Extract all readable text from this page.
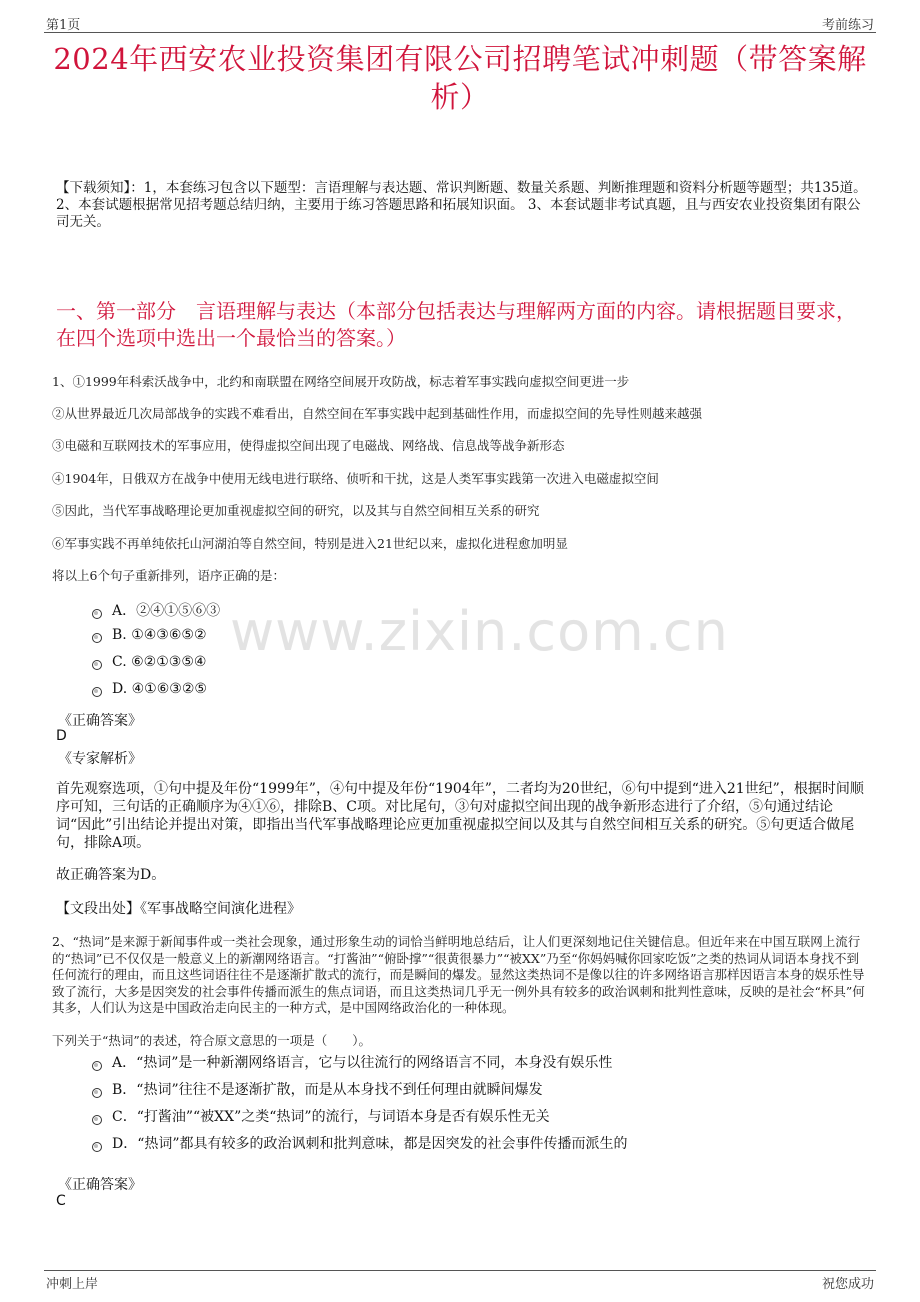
第1页	考前练习
2024年西安农业投资集团有限公司招聘笔试冲刺题（带答案解析）
【下载须知】：1，本套练习包含以下题型：言语理解与表达题、常识判断题、数量关系题、判断推理题和资料分析题等题型；共135道。 2、本套试题根据常见招考题总结归纳，主要用于练习答题思路和拓展知识面。 3、本套试题非考试真题，且与西安农业投资集团有限公司无关。
一、第一部分　言语理解与表达（本部分包括表达与理解两方面的内容。请根据题目要求，在四个选项中选出一个最恰当的答案。）
www.zixin.com.cn
1、①1999年科索沃战争中，北约和南联盟在网络空间展开攻防战，标志着军事实践向虚拟空间更进一步
②从世界最近几次局部战争的实践不难看出，自然空间在军事实践中起到基础性作用，而虚拟空间的先导性则越来越强
③电磁和互联网技术的军事应用，使得虚拟空间出现了电磁战、网络战、信息战等战争新形态
④1904年，日俄双方在战争中使用无线电进行联络、侦听和干扰，这是人类军事实践第一次进入电磁虚拟空间
⑤因此，当代军事战略理论更加重视虚拟空间的研究，以及其与自然空间相互关系的研究
⑥军事实践不再单纯依托山河湖泊等自然空间，特别是进入21世纪以来，虚拟化进程愈加明显
将以上6个句子重新排列，语序正确的是：
A．②④①⑤⑥③
B. ①④③⑥⑤②
C. ⑥②①③⑤④
D. ④①⑥③②⑤
《正确答案》
D
《专家解析》
首先观察选项，①句中提及年份“1999年”，④句中提及年份“1904年”，二者均为20世纪，⑥句中提到“进入21世纪”，根据时间顺序可知，三句话的正确顺序为④①⑥，排除B、C项。对比尾句，③句对虚拟空间出现的战争新形态进行了介绍，⑤句通过结论词“因此”引出结论并提出对策，即指出当代军事战略理论应更加重视虚拟空间以及其与自然空间相互关系的研究。⑤句更适合做尾句，排除A项。
故正确答案为D。
【文段出处】《军事战略空间演化进程》
2、“热词”是来源于新闻事件或一类社会现象，通过形象生动的词恰当鲜明地总结后，让人们更深刻地记住关键信息。但近年来在中国互联网上流行的“热词”已不仅仅是一般意义上的新潮网络语言。“打酱油”“俯卧撑”“很黄很暴力”“被XX”乃至“你妈妈喊你回家吃饭”之类的热词从词语本身找不到任何流行的理由，而且这些词语往往不是逐渐扩散式的流行，而是瞬间的爆发。显然这类热词不是像以往的许多网络语言那样因语言本身的娱乐性导致了流行，大多是因突发的社会事件传播而派生的焦点词语，而且这类热词几乎无一例外具有较多的政治讽刺和批判性意味，反映的是社会“杯具”何其多，人们认为这是中国政治走向民主的一种方式，是中国网络政治化的一种体现。
下列关于“热词”的表述，符合原文意思的一项是（　　）。
A．“热词”是一种新潮网络语言，它与以往流行的网络语言不同，本身没有娱乐性
B．“热词”往往不是逐渐扩散，而是从本身找不到任何理由就瞬间爆发
C．“打酱油”“被XX”之类“热词”的流行，与词语本身是否有娱乐性无关
D．“热词”都具有较多的政治讽刺和批判意味，都是因突发的社会事件传播而派生的
《正确答案》
C
冲刺上岸	祝您成功
